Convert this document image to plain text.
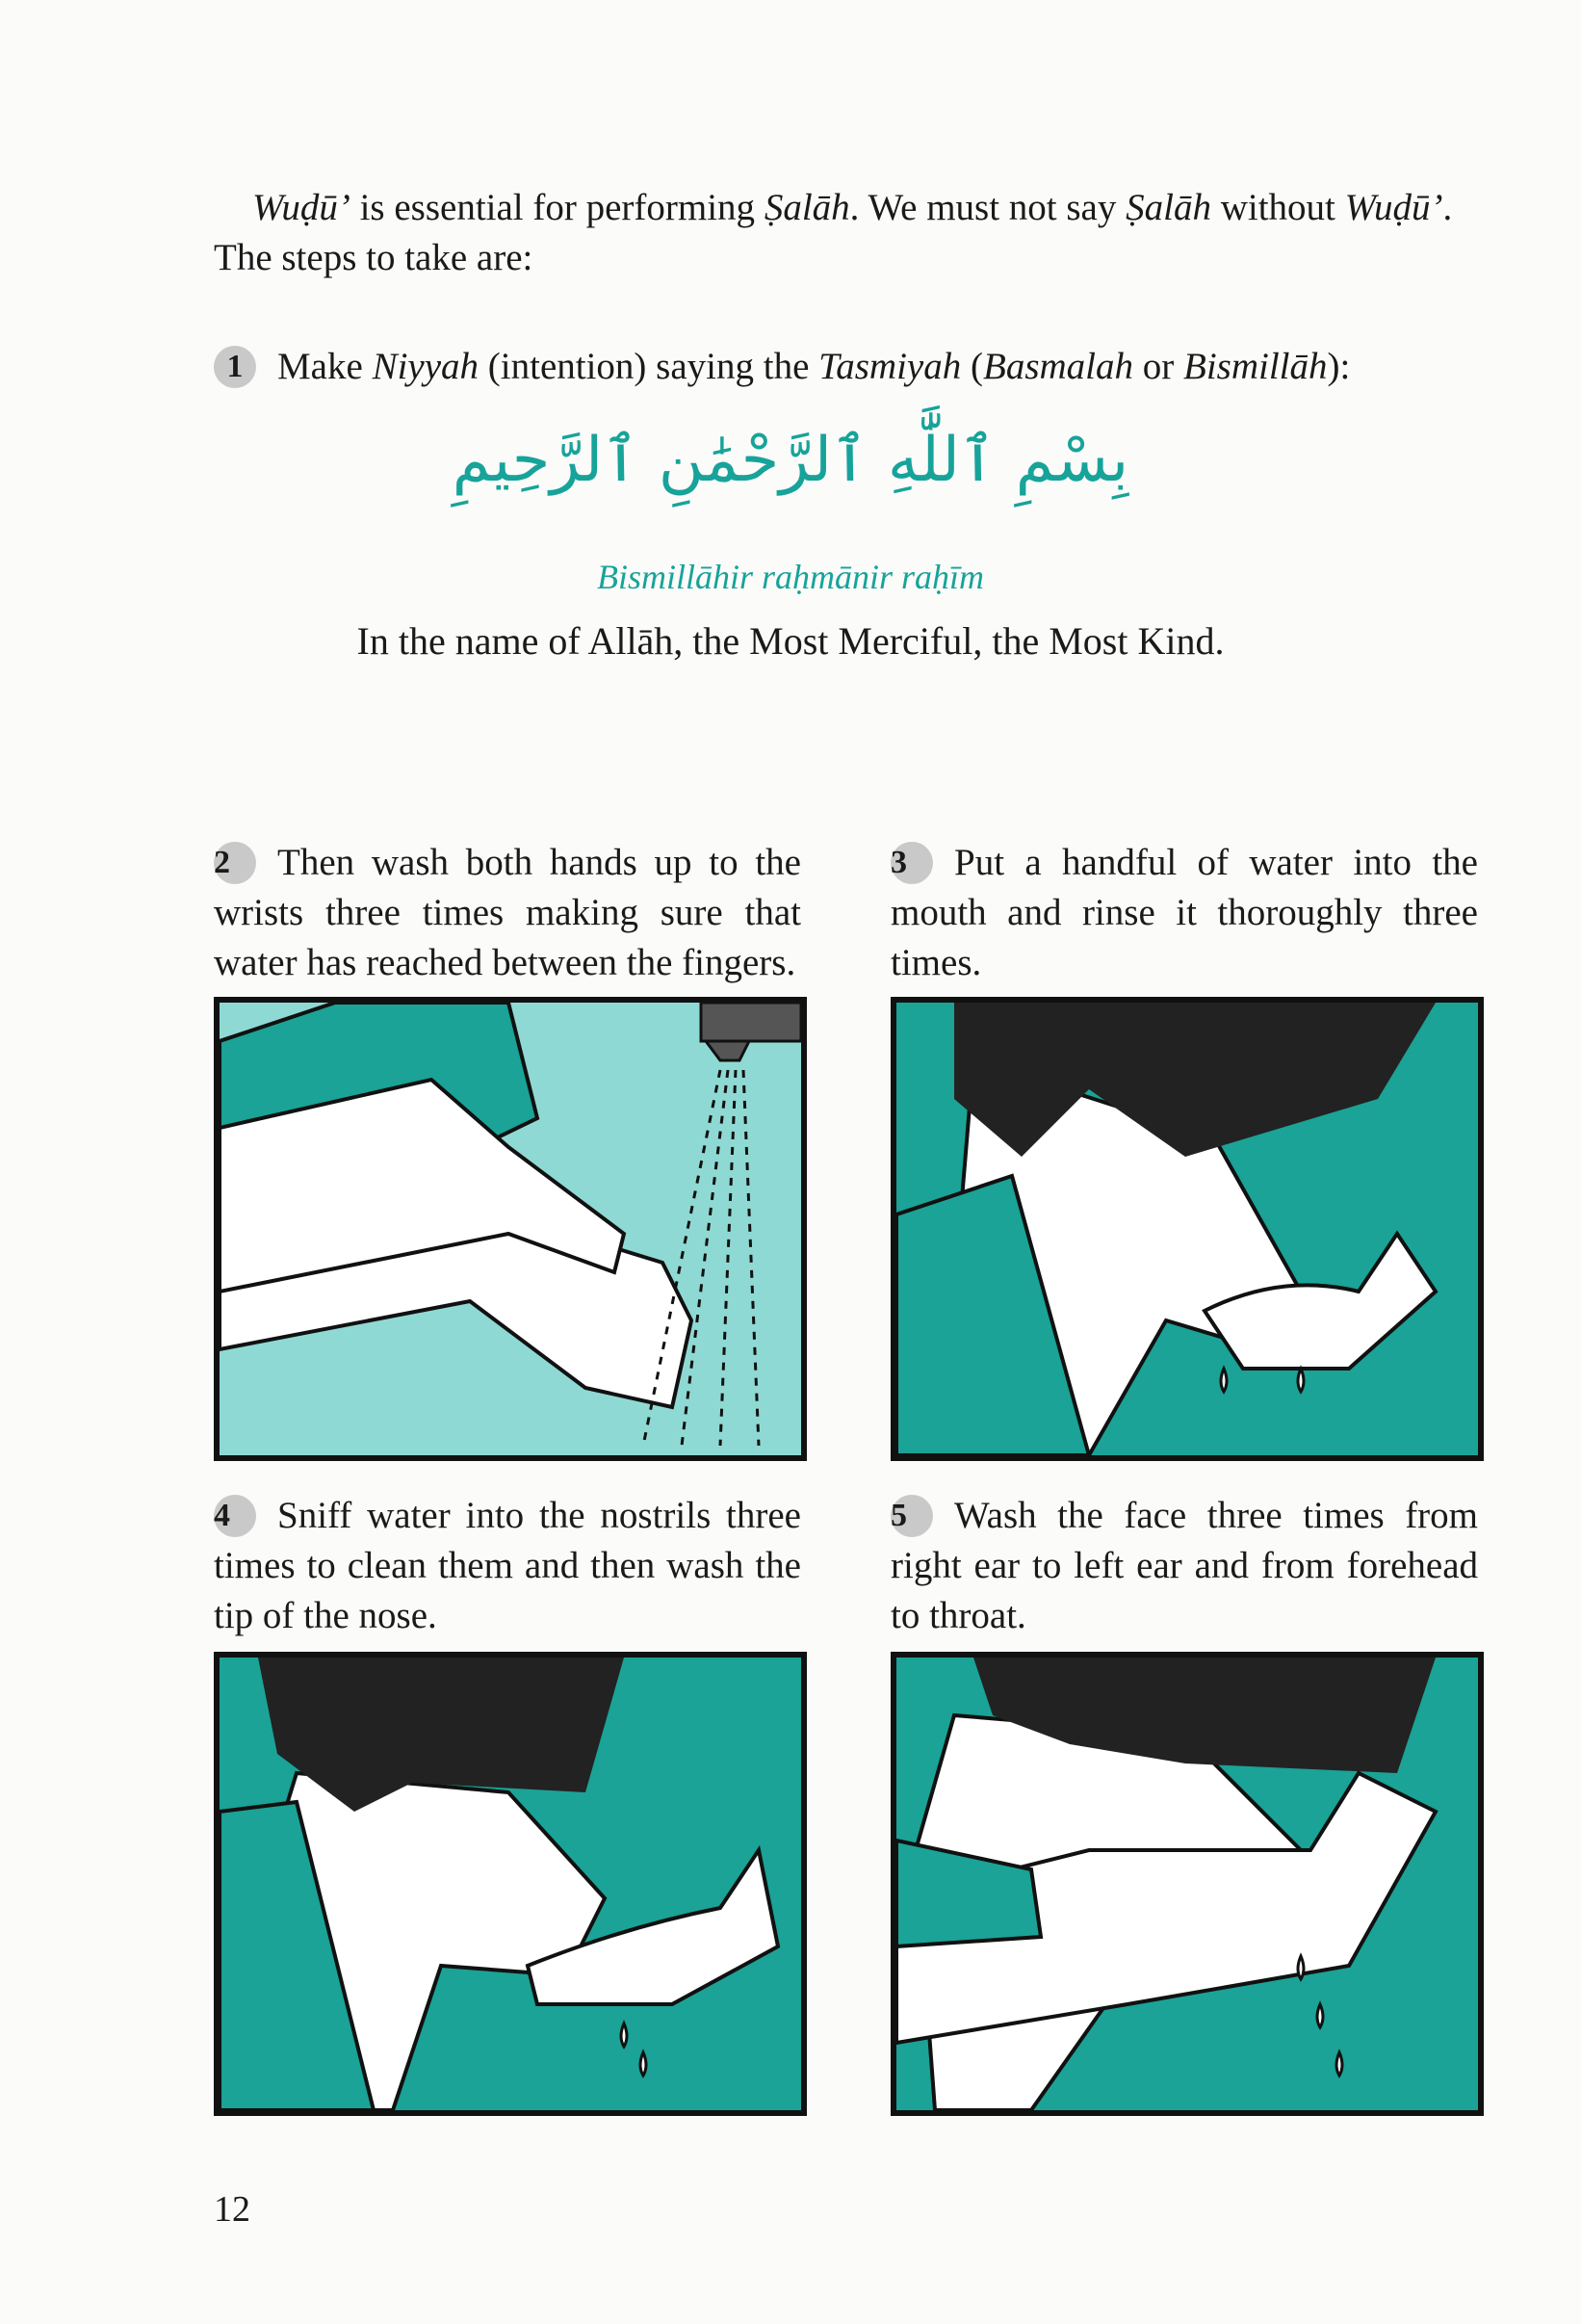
Wuḍū’ is essential for performing Ṣalāh. We must not say Ṣalāh without Wuḍū’.
The steps to take are:
1 Make Niyyah (intention) saying the Tasmiyah (Basmalah or Bismillāh):
بِسْمِ ٱللَّٰهِ ٱلرَّحْمَٰنِ ٱلرَّحِيمِ
Bismillāhir raḥmānir raḥīm
In the name of Allāh, the Most Merciful, the Most Kind.
2 Then wash both hands up to the wrists three times making sure that water has reached between the fingers.
3 Put a handful of water into the mouth and rinse it thoroughly three times.
4 Sniff water into the nostrils three times to clean them and then wash the tip of the nose.
5 Wash the face three times from right ear to left ear and from forehead to throat.
12
